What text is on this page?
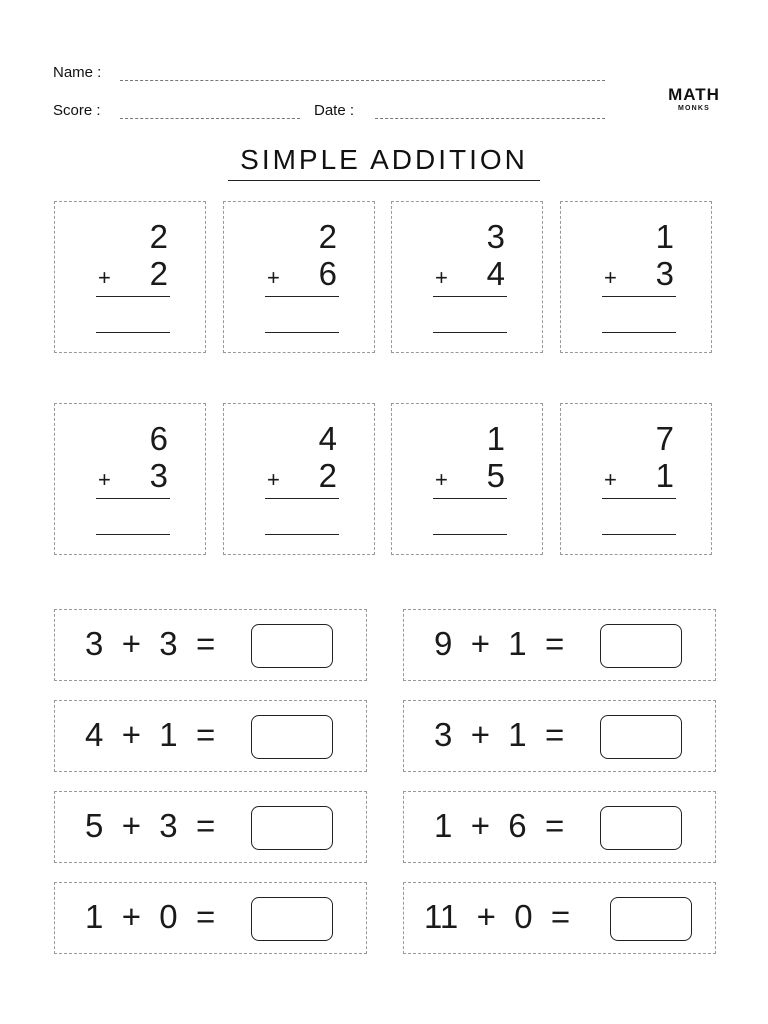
Name :
Score :	Date :
MATH
MONKS
SIMPLE ADDITION
2
+	2
2
+	6
3
+	4
1
+	3
6
+	3
4
+	2
1
+	5
7
+	1
3  +  3  =	9  +  1  =
4  +  1  =	3  +  1  =
5  +  3  =	1  +  6  =
1  +  0  =	11  +  0  =
